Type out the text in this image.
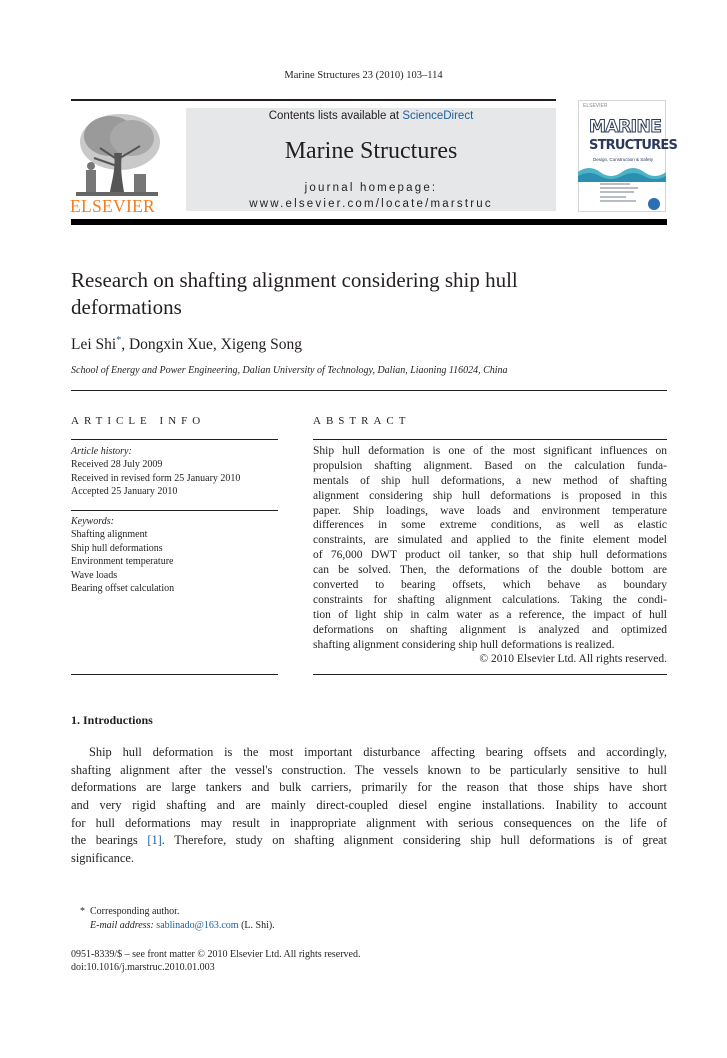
Marine Structures 23 (2010) 103–114
ELSEVIER
Contents lists available at ScienceDirect
Marine Structures
journal homepage: www.elsevier.com/locate/marstruc
ELSEVIER
MARINE
STRUCTURES
Design, Construction & Safety
Research on shafting alignment considering ship hull deformations
Lei Shi*, Dongxin Xue, Xigeng Song
School of Energy and Power Engineering, Dalian University of Technology, Dalian, Liaoning 116024, China
ARTICLE INFO
Article history:
Received 28 July 2009
Received in revised form 25 January 2010
Accepted 25 January 2010
Keywords:
Shafting alignment
Ship hull deformations
Environment temperature
Wave loads
Bearing offset calculation
ABSTRACT
Ship hull deformation is one of the most significant influences on
propulsion shafting alignment. Based on the calculation funda-
mentals of ship hull deformations, a new method of shafting
alignment considering ship hull deformations is proposed in this
paper. Ship loadings, wave loads and environment temperature
differences in some extreme conditions, as well as elastic
constraints, are simulated and applied to the finite element model
of 76,000 DWT product oil tanker, so that ship hull deformations
can be solved. Then, the deformations of the double bottom are
converted to bearing offsets, which behave as boundary
constraints for shafting alignment calculations. Taking the condi-
tion of light ship in calm water as a reference, the impact of hull
deformations on shafting alignment is analyzed and optimized
shafting alignment considering ship hull deformations is realized.
© 2010 Elsevier Ltd. All rights reserved.
1. Introductions
Ship hull deformation is the most important disturbance affecting bearing offsets and accordingly,
shafting alignment after the vessel's construction. The vessels known to be particularly sensitive to hull
deformations are large tankers and bulk carriers, primarily for the reason that those ships have short
and very rigid shafting and are mainly direct-coupled diesel engine installations. Inability to account
for hull deformations may result in inappropriate alignment with serious consequences on the life of
the bearings [1]. Therefore, study on shafting alignment considering ship hull deformations is of great
significance.
* Corresponding author.
E-mail address: sablinado@163.com (L. Shi).
0951-8339/$ – see front matter © 2010 Elsevier Ltd. All rights reserved.
doi:10.1016/j.marstruc.2010.01.003
